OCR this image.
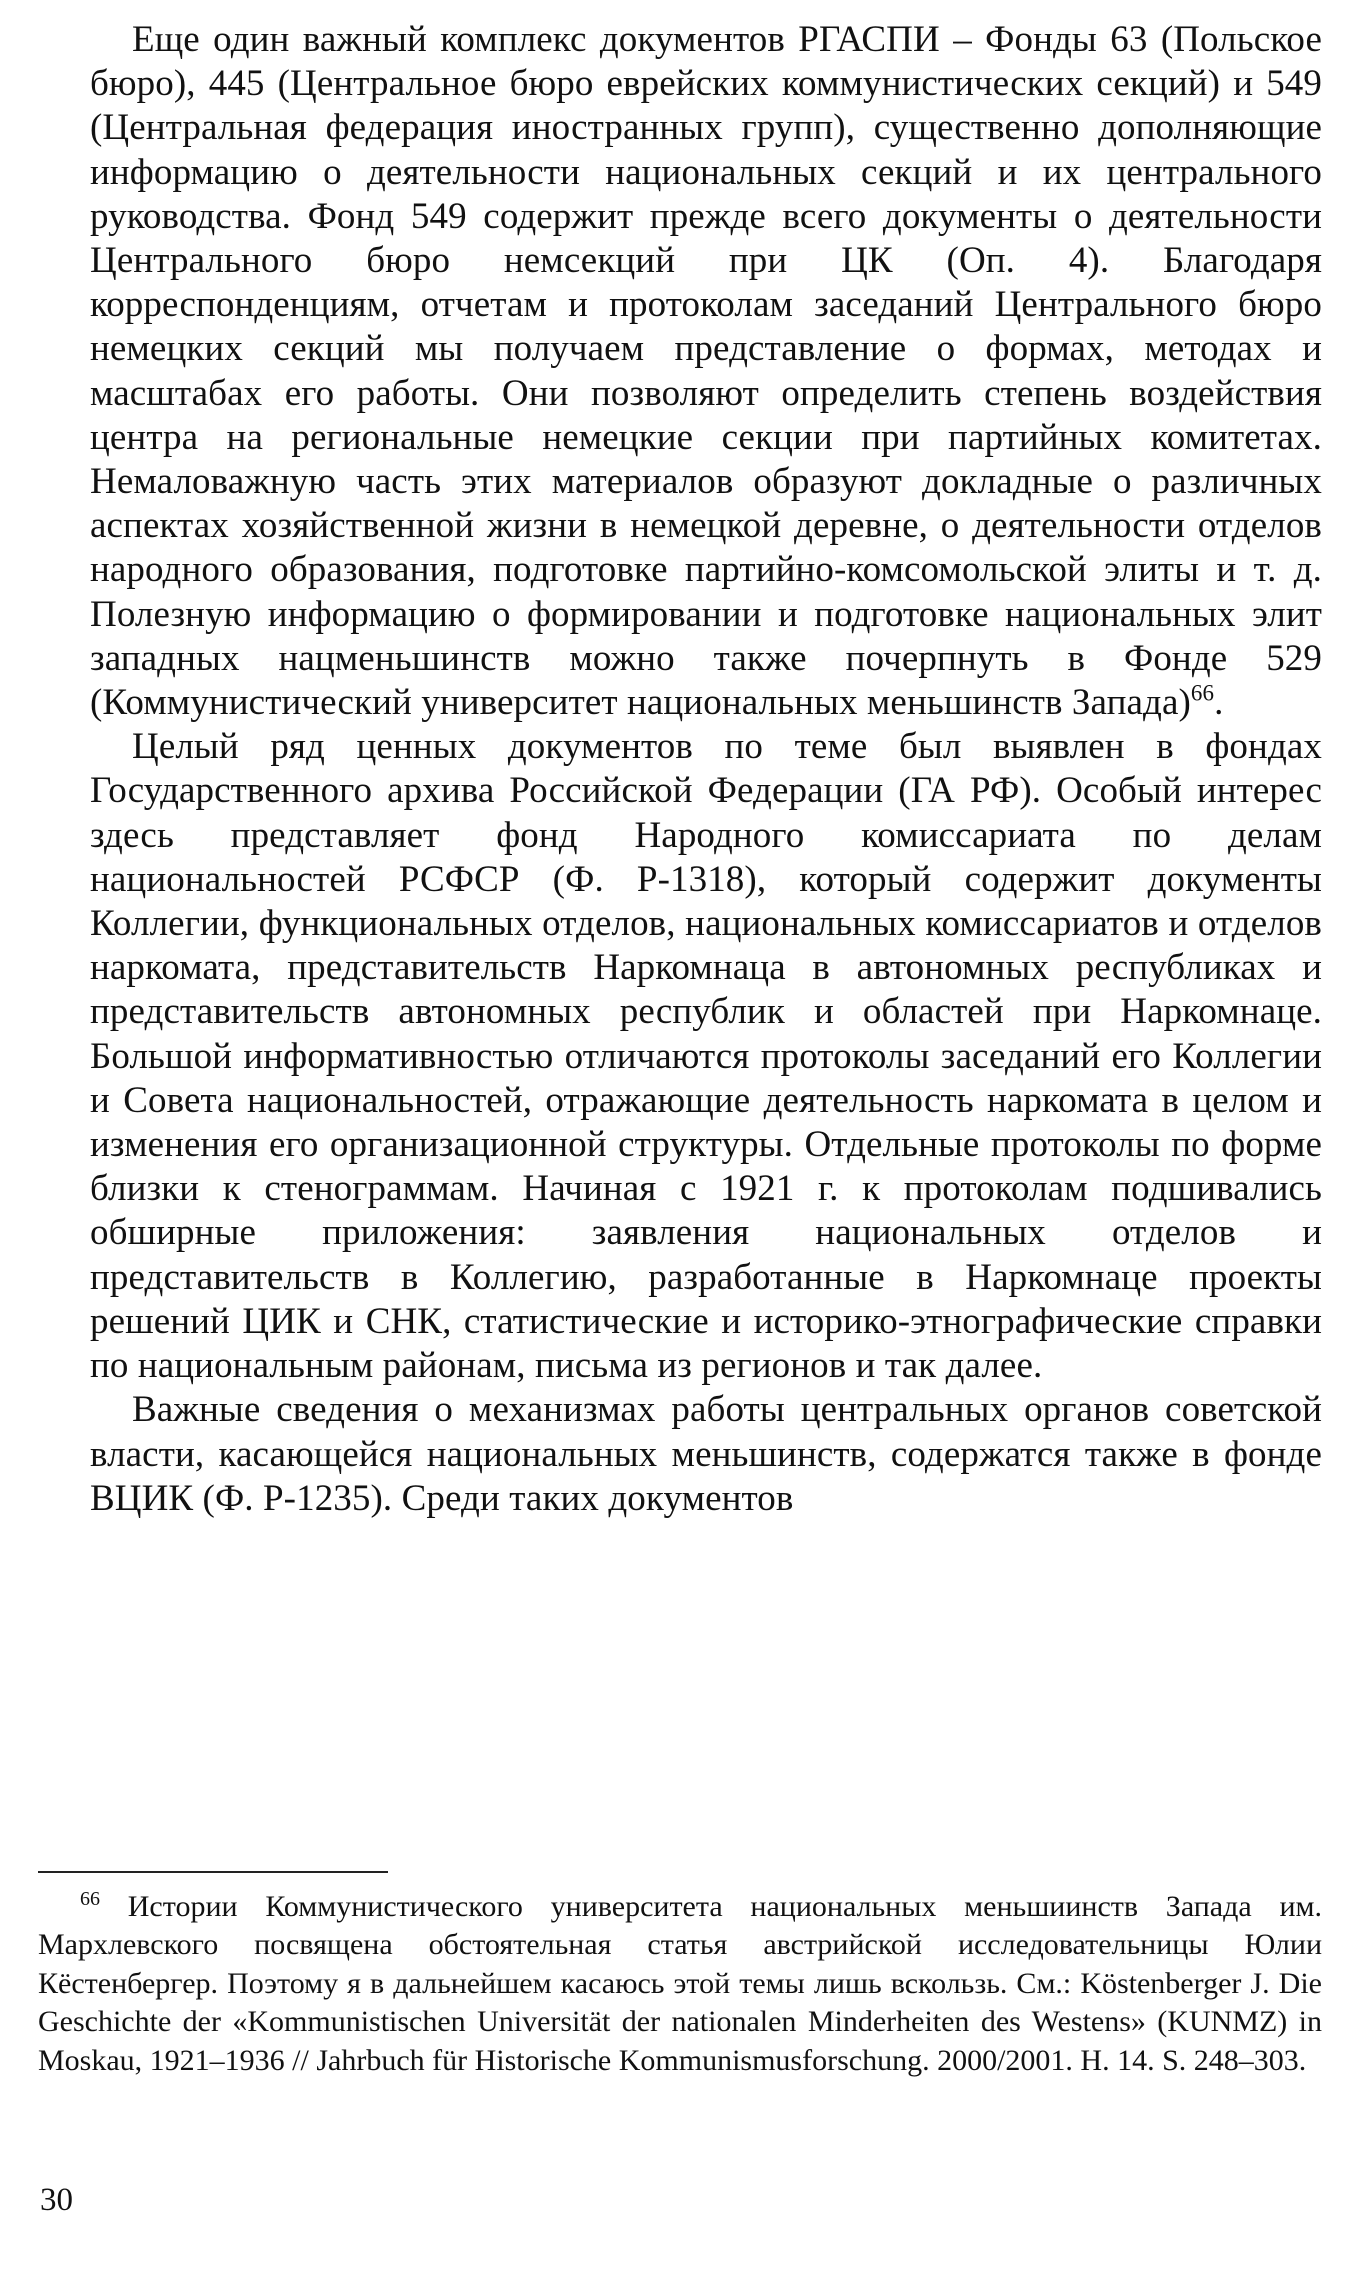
Еще один важный комплекс документов РГАСПИ – Фонды 63 (Польское бюро), 445 (Центральное бюро еврейских коммунистических секций) и 549 (Центральная федерация иностранных групп), существенно дополняющие информацию о деятельности национальных секций и их центрального руководства. Фонд 549 содержит прежде всего документы о деятельности Центрального бюро немсекций при ЦК (Оп. 4). Благодаря корреспонденциям, отчетам и протоколам заседаний Центрального бюро немецких секций мы получаем представление о формах, методах и масштабах его работы. Они позволяют определить степень воздействия центра на региональные немецкие секции при партийных комитетах. Немаловажную часть этих материалов образуют докладные о различных аспектах хозяйственной жизни в немецкой деревне, о деятельности отделов народного образования, подготовке партийно-комсомольской элиты и т. д. Полезную информацию о формировании и подготовке национальных элит западных нацменьшинств можно также почерпнуть в Фонде 529 (Коммунистический университет национальных меньшинств Запада)$^{66}$.

Целый ряд ценных документов по теме был выявлен в фондах Государственного архива Российской Федерации (ГА РФ). Особый интерес здесь представляет фонд Народного комиссариата по делам национальностей РСФСР (Ф. Р-1318), который содержит документы Коллегии, функциональных отделов, национальных комиссариатов и отделов наркомата, представительств Наркомнаца в автономных республиках и представительств автономных республик и областей при Наркомнаце. Большой информативностью отличаются протоколы заседаний его Коллегии и Совета национальностей, отражающие деятельность наркомата в целом и изменения его организационной структуры. Отдельные протоколы по форме близки к стенограммам. Начиная с 1921 г. к протоколам подшивались обширные приложения: заявления национальных отделов и представительств в Коллегию, разработанные в Наркомнаце проекты решений ЦИК и СНК, статистические и историко-этнографические справки по национальным районам, письма из регионов и так далее.

Важные сведения о механизмах работы центральных органов советской власти, касающейся национальных меньшинств, содержатся также в фонде ВЦИК (Ф. Р-1235). Среди таких документов

$^{66}$ Истории Коммунистического университета национальных меньшиинств Запада им. Мархлевского посвящена обстоятельная статья австрийской исследовательницы Юлии Кёстенбергер. Поэтому я в дальнейшем касаюсь этой темы лишь вскользь. См.: Köstenberger J. Die Geschichte der «Kommunistischen Universität der nationalen Minderheiten des Westens» (KUNMZ) in Moskau, 1921–1936 // Jahrbuch für Historische Kommunismusforschung. 2000/2001. H. 14. S. 248–303.

30
